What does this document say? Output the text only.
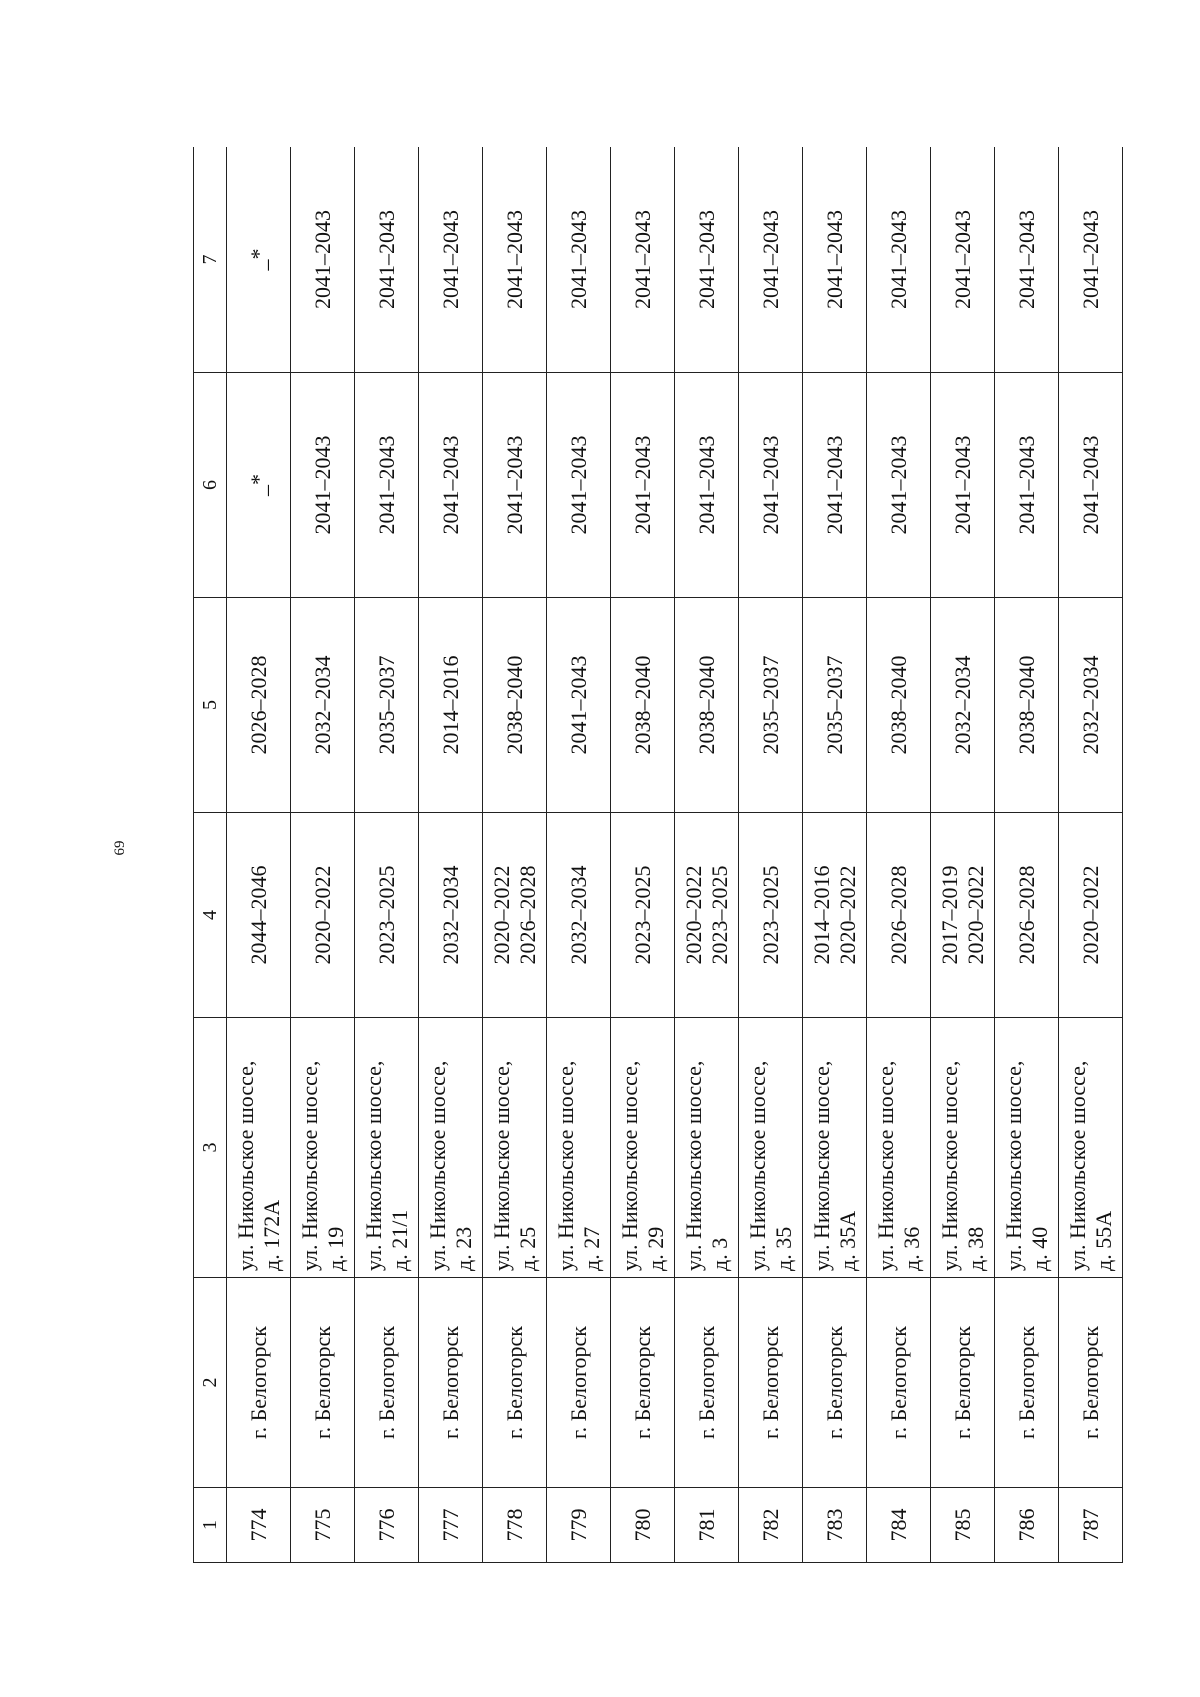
69
1	2	3	4	5	6	7
774	г. Белогорск	ул. Никольское шоссе, д. 172А	2044–2046	2026–2028	_*	_*
775	г. Белогорск	ул. Никольское шоссе, д. 19	2020–2022	2032–2034	2041–2043	2041–2043
776	г. Белогорск	ул. Никольское шоссе, д. 21/1	2023–2025	2035–2037	2041–2043	2041–2043
777	г. Белогорск	ул. Никольское шоссе, д. 23	2032–2034	2014–2016	2041–2043	2041–2043
778	г. Белогорск	ул. Никольское шоссе, д. 25	2020–2022 2026–2028	2038–2040	2041–2043	2041–2043
779	г. Белогорск	ул. Никольское шоссе, д. 27	2032–2034	2041–2043	2041–2043	2041–2043
780	г. Белогорск	ул. Никольское шоссе, д. 29	2023–2025	2038–2040	2041–2043	2041–2043
781	г. Белогорск	ул. Никольское шоссе, д. 3	2020–2022 2023–2025	2038–2040	2041–2043	2041–2043
782	г. Белогорск	ул. Никольское шоссе, д. 35	2023–2025	2035–2037	2041–2043	2041–2043
783	г. Белогорск	ул. Никольское шоссе, д. 35А	2014–2016 2020–2022	2035–2037	2041–2043	2041–2043
784	г. Белогорск	ул. Никольское шоссе, д. 36	2026–2028	2038–2040	2041–2043	2041–2043
785	г. Белогорск	ул. Никольское шоссе, д. 38	2017–2019 2020–2022	2032–2034	2041–2043	2041–2043
786	г. Белогорск	ул. Никольское шоссе, д. 40	2026–2028	2038–2040	2041–2043	2041–2043
787	г. Белогорск	ул. Никольское шоссе, д. 55А	2020–2022	2032–2034	2041–2043	2041–2043
